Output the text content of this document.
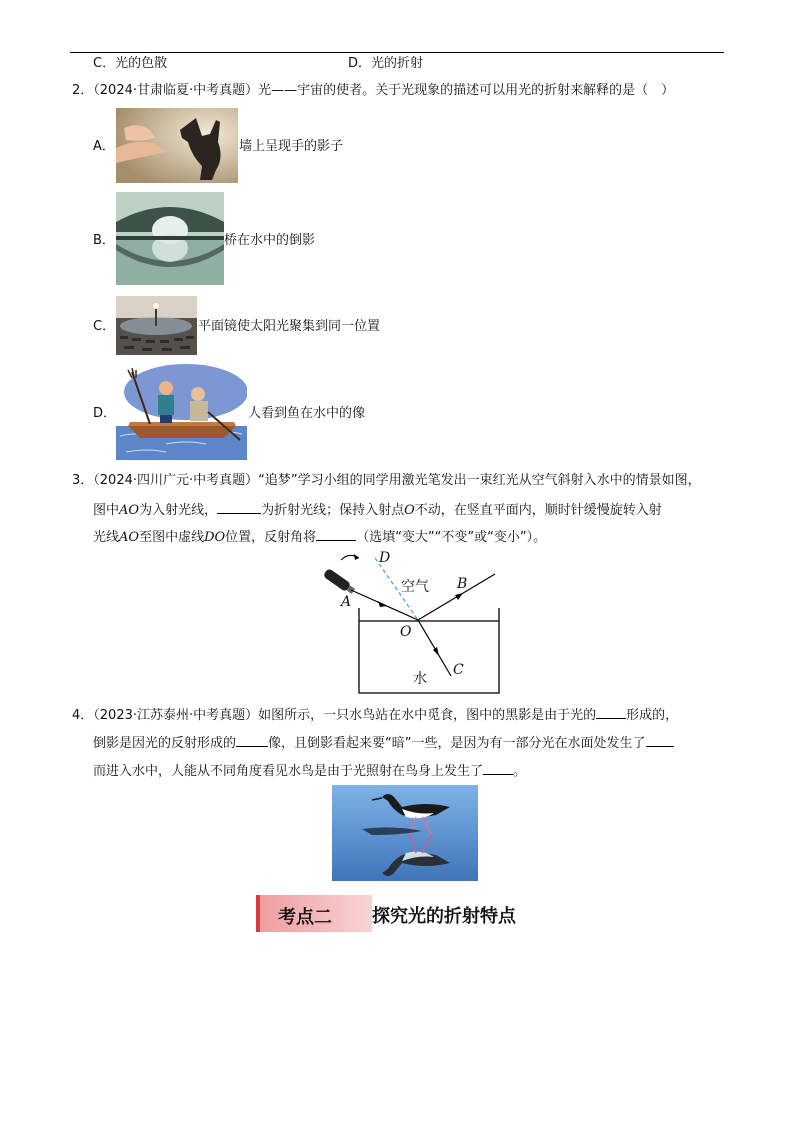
C．光的色散	D．光的折射
2．（2024·甘肃临夏·中考真题）光——宇宙的使者。关于光现象的描述可以用光的折射来解释的是（　）
A．	墙上呈现手的影子
B．	桥在水中的倒影
C．	平面镜使太阳光聚集到同一位置
D．	人看到鱼在水中的像
3．（2024·四川广元·中考真题）“追梦”学习小组的同学用激光笔发出一束红光从空气斜射入水中的情景如图，
图中AO为入射光线，	为折射光线；保持入射点O不动，在竖直平面内，顺时针缓慢旋转入射
光线AO至图中虚线DO位置，反射角将	（选填“变大”“不变”或“变小”）。
D
空气 B
A
O
水
C
4．（2023·江苏泰州·中考真题）如图所示，一只水鸟站在水中觅食，图中的黑影是由于光的 形成的，
倒影是因光的反射形成的 像，且倒影看起来要“暗”一些，是因为有一部分光在水面处发生了
而进入水中，人能从不同角度看见水鸟是由于光照射在鸟身上发生了 。
考点二 探究光的折射特点
